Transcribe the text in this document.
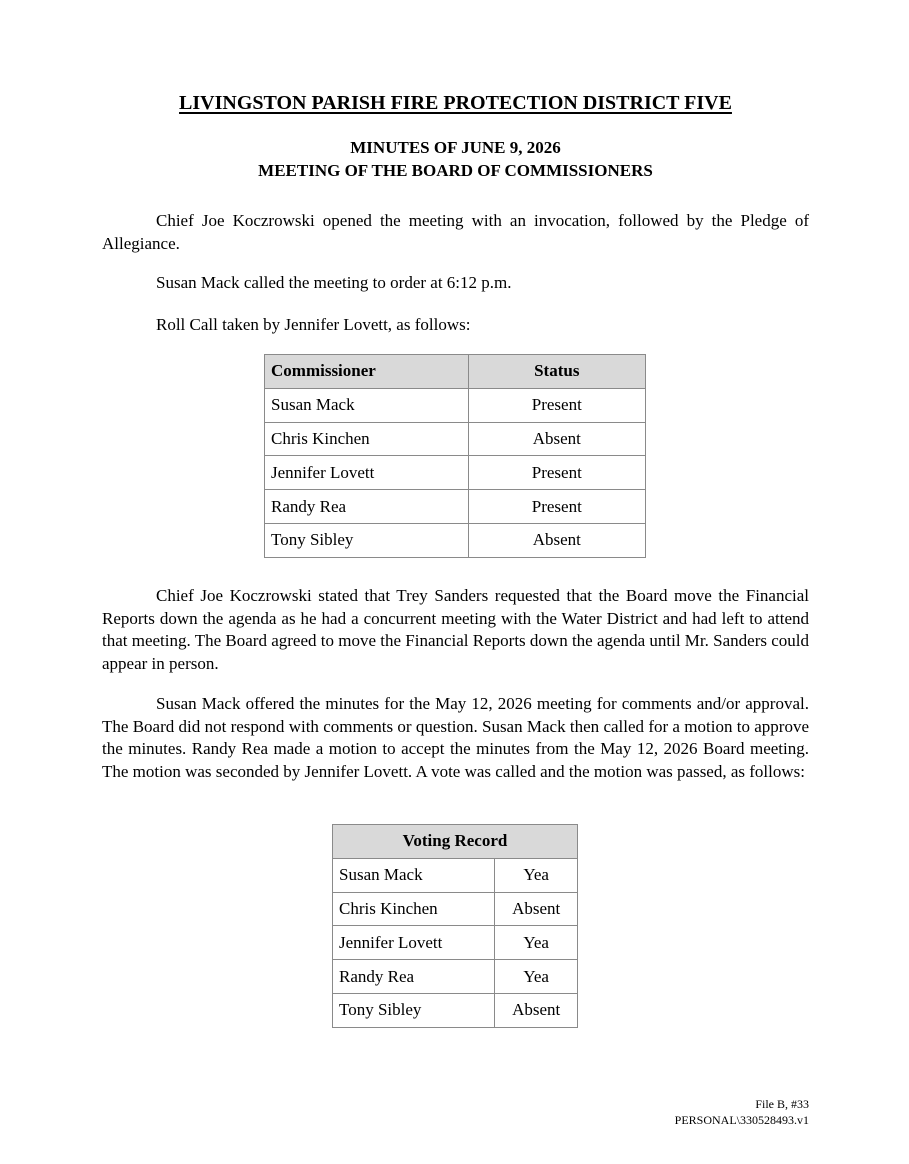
LIVINGSTON PARISH FIRE PROTECTION DISTRICT FIVE
MINUTES OF JUNE 9, 2026
MEETING OF THE BOARD OF COMMISSIONERS

Chief Joe Koczrowski opened the meeting with an invocation, followed by the Pledge of Allegiance.

Susan Mack called the meeting to order at 6:12 p.m.

Roll Call taken by Jennifer Lovett, as follows:

Commissioner	Status
Susan Mack	Present
Chris Kinchen	Absent
Jennifer Lovett	Present
Randy Rea	Present
Tony Sibley	Absent

Chief Joe Koczrowski stated that Trey Sanders requested that the Board move the Financial Reports down the agenda as he had a concurrent meeting with the Water District and had left to attend that meeting. The Board agreed to move the Financial Reports down the agenda until Mr. Sanders could appear in person.

Susan Mack offered the minutes for the May 12, 2026 meeting for comments and/or approval. The Board did not respond with comments or question. Susan Mack then called for a motion to approve the minutes. Randy Rea made a motion to accept the minutes from the May 12, 2026 Board meeting. The motion was seconded by Jennifer Lovett. A vote was called and the motion was passed, as follows:

Voting Record	
Susan Mack	Yea
Chris Kinchen	Absent
Jennifer Lovett	Yea
Randy Rea	Yea
Tony Sibley	Absent
File B, #33
PERSONAL\330528493.v1
